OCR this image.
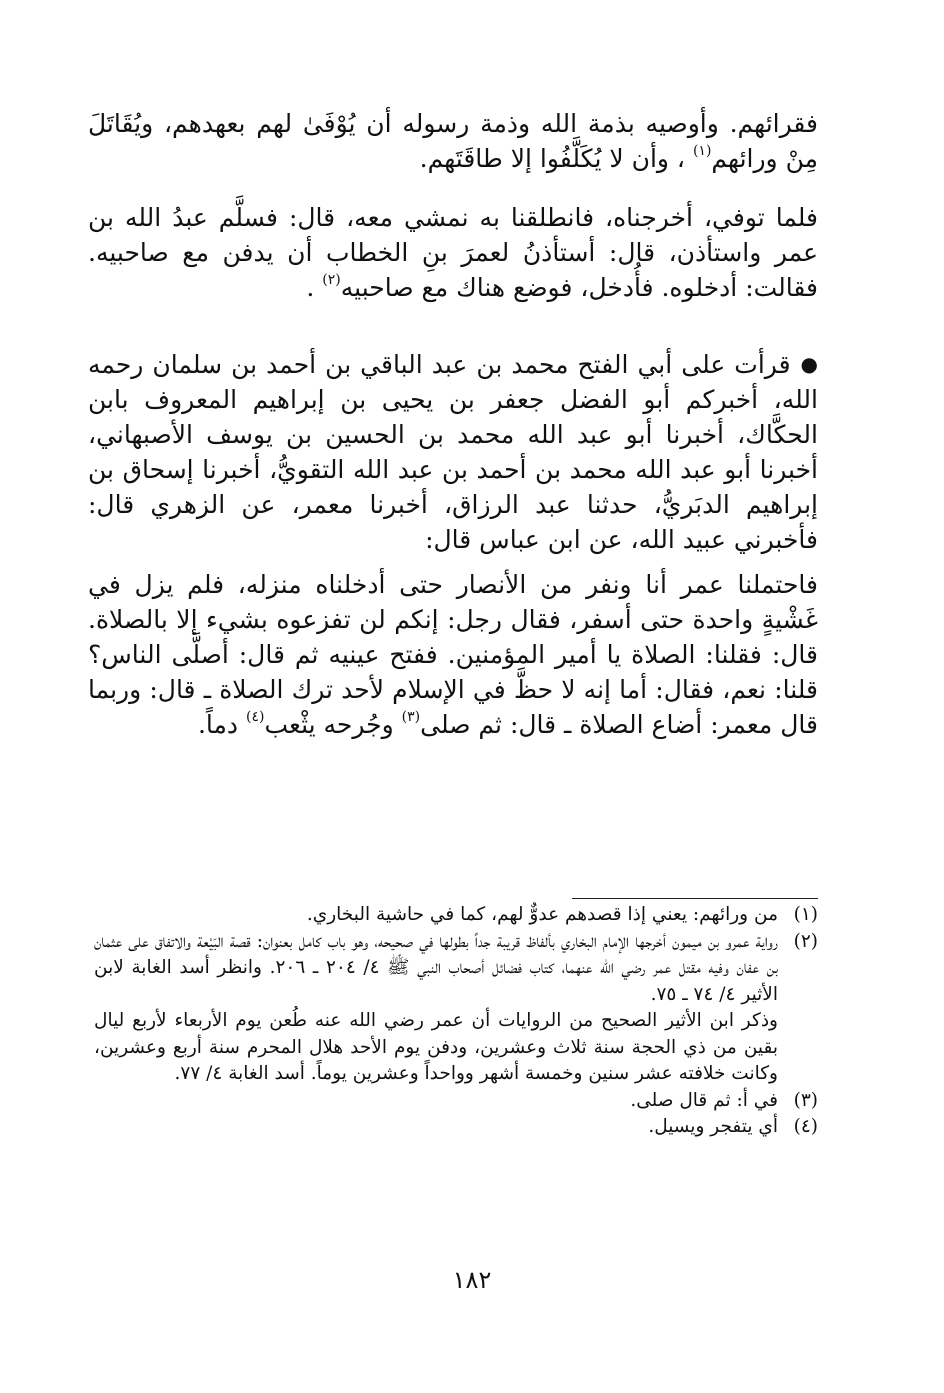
فقرائهم. وأوصيه بذمة الله وذمة رسوله أن يُوْفَىٰ لهم بعهدهم، ويُقَاتَلَ مِنْ ورائهم$^{(١)}$ ، وأن لا يُكَلَّفُوا إلا طاقَتَهم.

فلما توفي، أخرجناه، فانطلقنا به نمشي معه، قال: فسلَّم عبدُ الله بن عمر واستأذن، قال: أستأذنُ لعمرَ بنِ الخطاب أن يدفن مع صاحبيه. فقالت: أدخلوه. فأُدخل، فوضع هناك مع صاحبيه$^{(٢)}$ .

●قرأت على أبي الفتح محمد بن عبد الباقي بن أحمد بن سلمان رحمه الله، أخبركم أبو الفضل جعفر بن يحيى بن إبراهيم المعروف بابن الحكَّاك، أخبرنا أبو عبد الله محمد بن الحسين بن يوسف الأصبهاني، أخبرنا أبو عبد الله محمد بن أحمد بن عبد الله التقويُّ، أخبرنا إسحاق بن إبراهيم الدبَريُّ، حدثنا عبد الرزاق، أخبرنا معمر، عن الزهري قال: فأخبرني عبيد الله، عن ابن عباس قال:

فاحتملنا عمر أنا ونفر من الأنصار حتى أدخلناه منزله، فلم يزل في غَشْيةٍ واحدة حتى أسفر، فقال رجل: إنكم لن تفزعوه بشيء إلا بالصلاة. قال: فقلنا: الصلاة يا أمير المؤمنين. ففتح عينيه ثم قال: أصلَّى الناس؟ قلنا: نعم، فقال: أما إنه لا حظَّ في الإسلام لأحد ترك الصلاة ـ قال: وربما قال معمر: أضاع الصلاة ـ قال: ثم صلى$^{(٣)}$ وجُرحه يثْعب$^{(٤)}$ دماً.

(١)

من ورائهم: يعني إذا قصدهم عدوٌّ لهم، كما في حاشية البخاري.

(٢)

رواية عمرو بن ميمون أخرجها الإمام البخاري بألفاظ قريبة جداً بطولها في صحيحه، وهو باب كامل بعنوان: قصة البَيْعة والاتفاق على عثمان بن عفان وفيه مقتل عمر رضي الله عنهما، كتاب فضائل أصحاب النبي ﷺ ٤/ ٢٠٤ ـ ٢٠٦. وانظر أسد الغابة لابن الأثير ٤/ ٧٤ ـ ٧٥.

وذكر ابن الأثير الصحيح من الروايات أن عمر رضي الله عنه طُعن يوم الأربعاء لأربع ليال بقين من ذي الحجة سنة ثلاث وعشرين، ودفن يوم الأحد هلال المحرم سنة أربع وعشرين، وكانت خلافته عشر سنين وخمسة أشهر وواحداً وعشرين يوماً. أسد الغابة ٤/ ٧٧.

(٣)

في أ: ثم قال صلى.

(٤)

أي يتفجر ويسيل.

١٨٢
